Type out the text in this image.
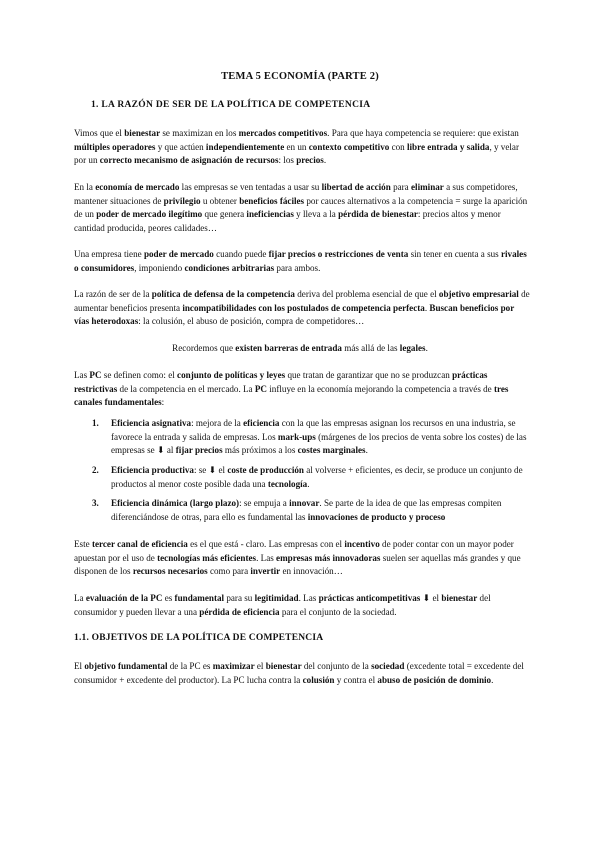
TEMA 5 ECONOMÍA (PARTE 2)
1. LA RAZÓN DE SER DE LA POLÍTICA DE COMPETENCIA

Vimos que el bienestar se maximizan en los mercados competitivos. Para que haya competencia se requiere: que existan múltiples operadores y que actúen independientemente en un contexto competitivo con libre entrada y salida, y velar por un correcto mecanismo de asignación de recursos: los precios.

En la economía de mercado las empresas se ven tentadas a usar su libertad de acción para eliminar a sus competidores, mantener situaciones de privilegio u obtener beneficios fáciles por cauces alternativos a la competencia = surge la aparición de un poder de mercado ilegítimo que genera ineficiencias y lleva a la pérdida de bienestar: precios altos y menor cantidad producida, peores calidades…

Una empresa tiene poder de mercado cuando puede fijar precios o restricciones de venta sin tener en cuenta a sus rivales o consumidores, imponiendo condiciones arbitrarias para ambos.

La razón de ser de la política de defensa de la competencia deriva del problema esencial de que el objetivo empresarial de aumentar beneficios presenta incompatibilidades con los postulados de competencia perfecta. Buscan beneficios por vías heterodoxas: la colusión, el abuso de posición, compra de competidores…

Recordemos que existen barreras de entrada más allá de las legales.

Las PC se definen como: el conjunto de políticas y leyes que tratan de garantizar que no se produzcan prácticas restrictivas de la competencia en el mercado. La PC influye en la economía mejorando la competencia a través de tres canales fundamentales:

1. Eficiencia asignativa: mejora de la eficiencia con la que las empresas asignan los recursos en una industria, se favorece la entrada y salida de empresas. Los mark-ups (márgenes de los precios de venta sobre los costes) de las empresas se ⬇ al fijar precios más próximos a los costes marginales.
2. Eficiencia productiva: se ⬇ el coste de producción al volverse + eficientes, es decir, se produce un conjunto de productos al menor coste posible dada una tecnología.
3. Eficiencia dinámica (largo plazo): se empuja a innovar. Se parte de la idea de que las empresas compiten diferenciándose de otras, para ello es fundamental las innovaciones de producto y proceso

Este tercer canal de eficiencia es el que está - claro. Las empresas con el incentivo de poder contar con un mayor poder apuestan por el uso de tecnologías más eficientes. Las empresas más innovadoras suelen ser aquellas más grandes y que disponen de los recursos necesarios como para invertir en innovación…

La evaluación de la PC es fundamental para su legitimidad. Las prácticas anticompetitivas ⬇ el bienestar del consumidor y pueden llevar a una pérdida de eficiencia para el conjunto de la sociedad.

1.1. OBJETIVOS DE LA POLÍTICA DE COMPETENCIA

El objetivo fundamental de la PC es maximizar el bienestar del conjunto de la sociedad (excedente total = excedente del consumidor + excedente del productor). La PC lucha contra la colusión y contra el abuso de posición de dominio.
